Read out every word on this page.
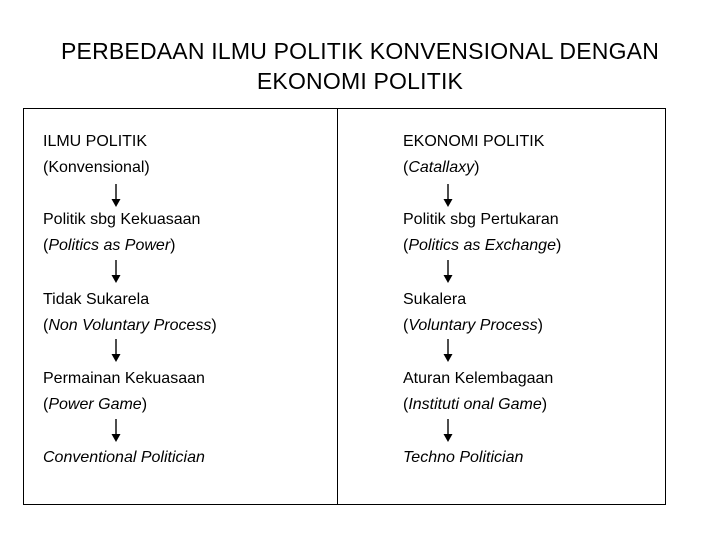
PERBEDAAN ILMU POLITIK KONVENSIONAL DENGAN
EKONOMI POLITIK
ILMU POLITIK
(Konvensional)
Politik sbg Kekuasaan
(Politics as Power)
Tidak Sukarela
(Non Voluntary Process)
Permainan Kekuasaan
(Power Game)
Conventional Politician
EKONOMI POLITIK
(Catallaxy)
Politik sbg Pertukaran
(Politics as Exchange)
Sukalera
(Voluntary Process)
Aturan Kelembagaan
(Instituti onal Game)
Techno Politician
